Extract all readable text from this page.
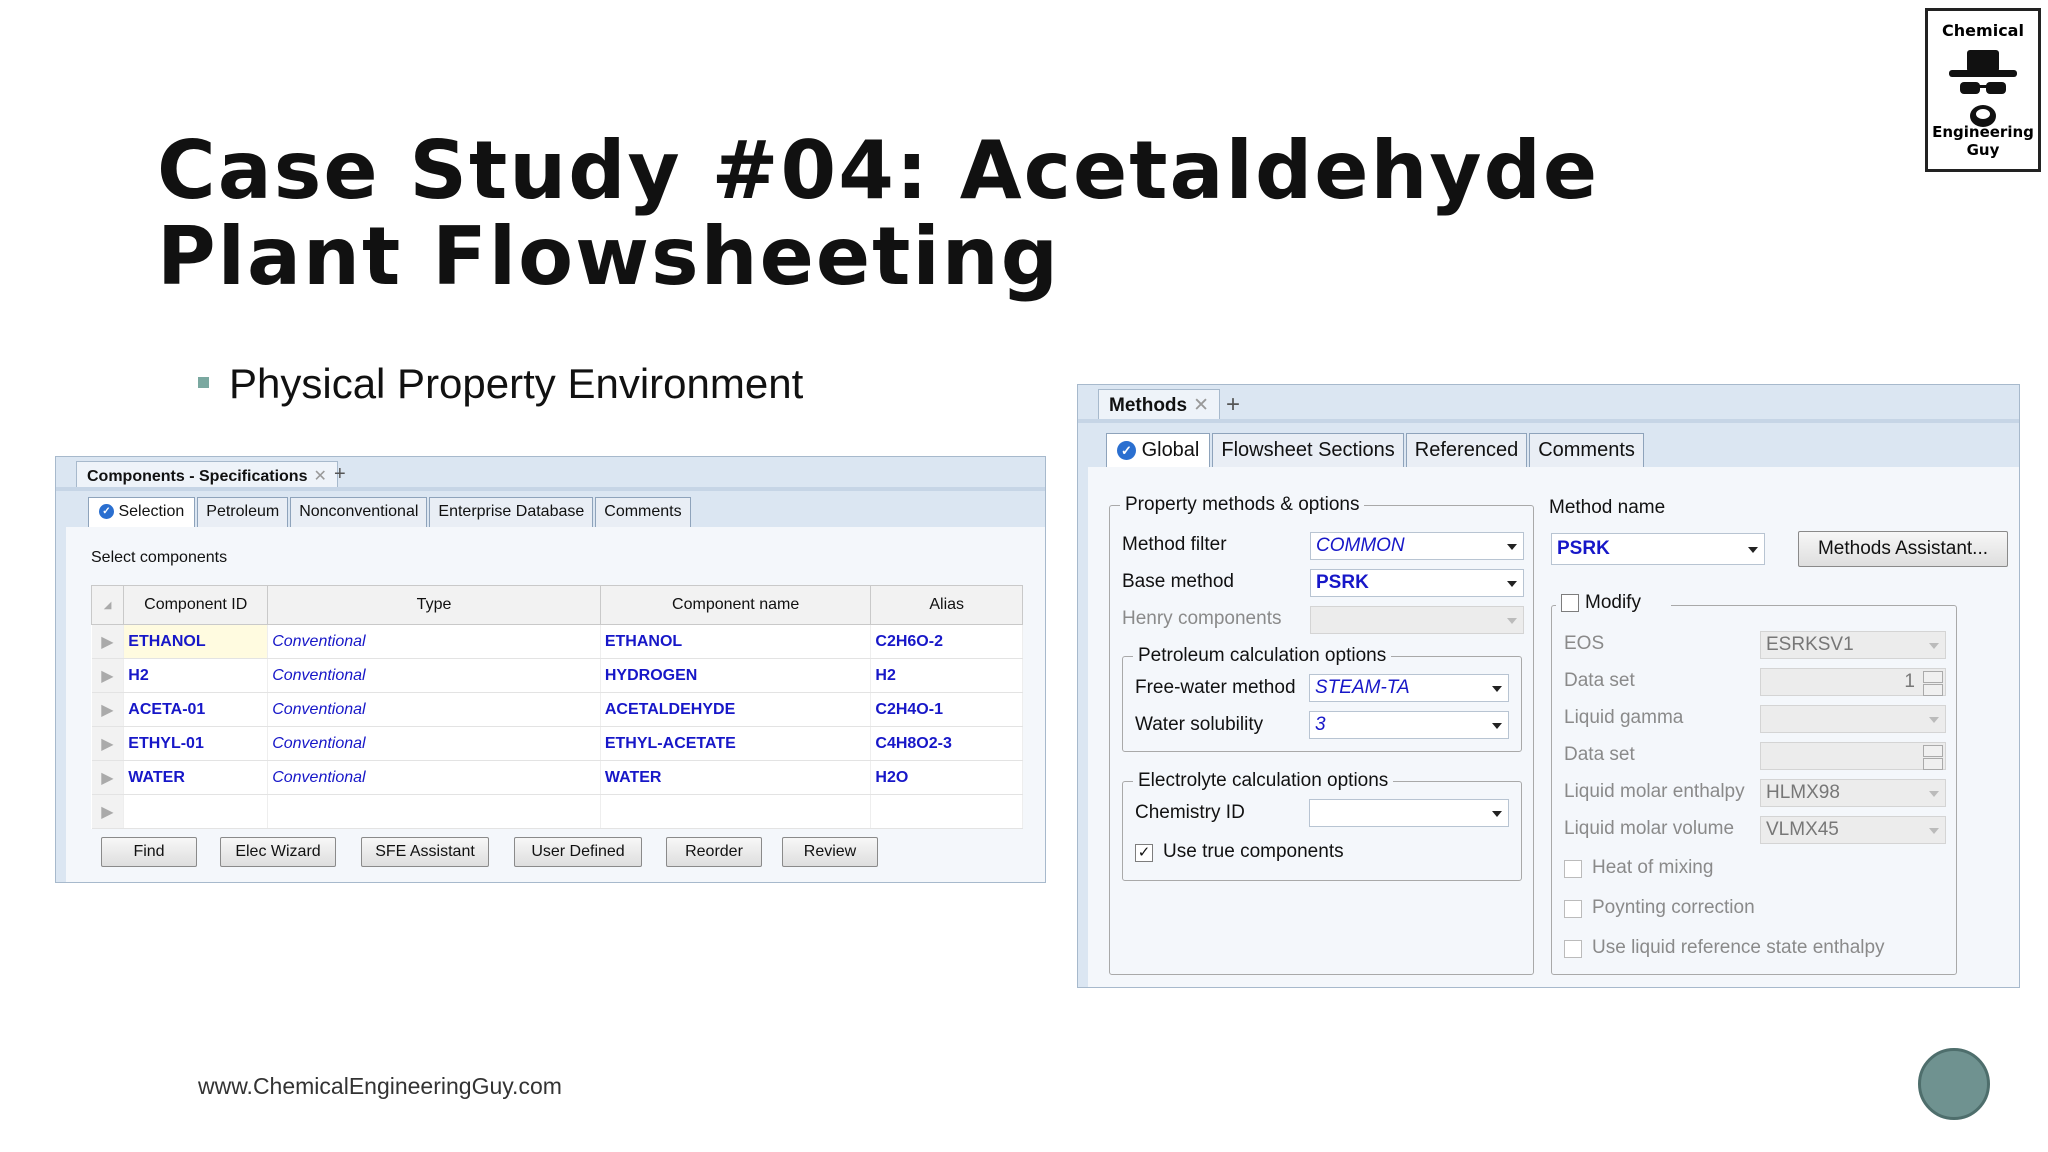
Case Study #04: Acetaldehyde Plant Flowsheeting
Chemical
Engineering Guy
Physical Property Environment
Components - Specifications ✕ +
✓ Selection	Petroleum	Nonconventional	Enterprise Database	Comments
Select components
◢	Component ID	Type	Component name	Alias
▶	ETHANOL	Conventional	ETHANOL	C2H6O-2
▶	H2	Conventional	HYDROGEN	H2
▶	ACETA-01	Conventional	ACETALDEHYDE	C2H4O-1
▶	ETHYL-01	Conventional	ETHYL-ACETATE	C4H8O2-3
▶	WATER	Conventional	WATER	H2O
▶				
Find	Elec Wizard	SFE Assistant	User Defined	Reorder	Review
Methods ✕ +
✓ Global	Flowsheet Sections	Referenced	Comments
Property methods & options
Method filter	COMMON
Base method	PSRK
Henry components
Petroleum calculation options
Free-water method	STEAM-TA
Water solubility	3
Electrolyte calculation options
Chemistry ID
✓ Use true components
Method name
PSRK	Methods Assistant...
Modify
EOS	ESRKSV1
Data set	1
Liquid gamma
Data set
Liquid molar enthalpy	HLMX98
Liquid molar volume	VLMX45
Heat of mixing
Poynting correction
Use liquid reference state enthalpy
www.ChemicalEngineeringGuy.com
